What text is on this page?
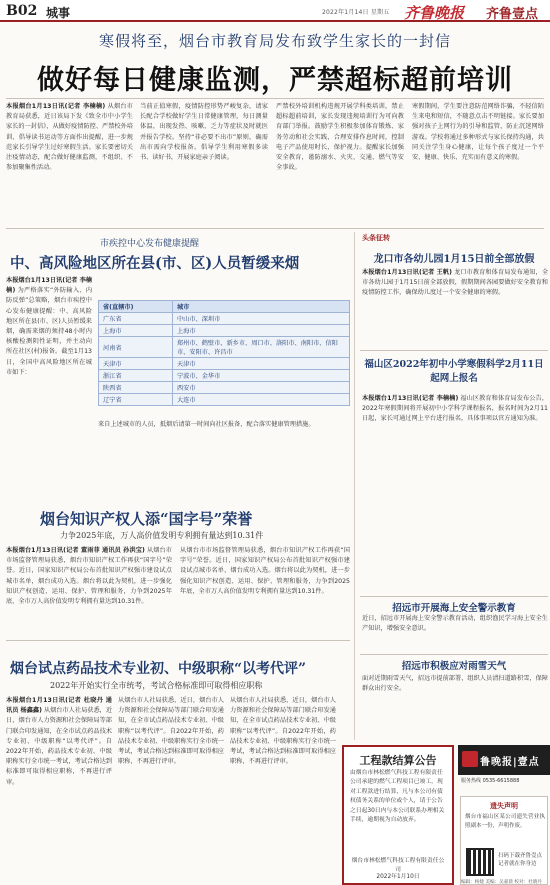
B02 城事	2022年1月14日 星期五 齐鲁晚报 齐鲁壹点
寒假将至，烟台市教育局发布致学生家长的一封信
做好每日健康监测，严禁超标超前培训
本报烟台1月13日讯(记者 李楠楠) 从烟台市教育局获悉，近日该局下发《致全市中小学生家长的一封信》，从做好疫情防控、严禁校外培训、倡导读书运动等方面作出提醒，进一步规范家长引导学生过好寒假生活。家长要密切关注疫情动态，配合做好健康监测，不组织、不参加聚集性活动。
当前正值寒假，疫情防控形势严峻复杂，请家长配合学校做好学生日常健康管理，每日测量体温，出现发热、咳嗽、乏力等症状及时就医并报告学校。坚持“非必要不出市”原则，确需出市需向学校报备。倡导学生利用寒假多读书、读好书，开展家庭亲子阅读。
严禁校外培训机构违规开展学科类培训，禁止超标超前培训，家长发现违规培训行为可向教育部门举报。鼓励学生积极参加体育锻炼、家务劳动和社会实践，合理安排作息时间，控制电子产品使用时长，保护视力。提醒家长加强安全教育，谨防溺水、火灾、交通、燃气等安全事故。
寒假期间，学生要注意防范网络诈骗，不轻信陌生来电和短信，不随意点击不明链接。家长要加强对孩子上网行为的引导和监管，防止沉迷网络游戏。学校将通过多种形式与家长保持沟通，共同关注学生身心健康，让每个孩子度过一个平安、健康、快乐、充实而有意义的寒假。
市疾控中心发布健康提醒
中、高风险地区所在县(市、区)人员暂缓来烟
本报烟台1月13日讯(记者 李楠楠) 为严格落实“外防输入、内防反弹”总策略，烟台市疾控中心发布健康提醒：中、高风险地区所在县(市、区)人员暂缓来烟，确需来烟的须持48小时内核酸检测阴性证明，并主动向所在社区(村)报备。截至1月13日，全国中高风险地区所在城市如下：
省(直辖市)	城市
广东省	中山市、深圳市
上海市	上海市
河南省	郑州市、鹤壁市、新乡市、周口市、洛阳市、南阳市、信阳市、安阳市、许昌市
天津市	天津市
浙江省	宁波市、金华市
陕西省	西安市
辽宁省	大连市
来自上述城市的人员，抵烟后请第一时间向社区报备，配合落实健康管理措施。
烟台知识产权人添“国字号”荣誉
力争2025年底，万人高价值发明专利拥有量达到10.31件
本报烟台1月13日讯(记者 董雨菲 通讯员 孙洪宝) 从烟台市市场监督管理局获悉，烟台市知识产权工作再获“国字号”荣誉。近日，国家知识产权局公布首批知识产权强市建设试点城市名单，烟台成功入选。烟台将以此为契机，进一步强化知识产权创造、运用、保护、管理和服务，力争到2025年底，全市万人高价值发明专利拥有量达到10.31件。
从烟台市市场监督管理局获悉，烟台市知识产权工作再获“国字号”荣誉。近日，国家知识产权局公布首批知识产权强市建设试点城市名单，烟台成功入选。烟台将以此为契机，进一步强化知识产权创造、运用、保护、管理和服务，力争到2025年底，全市万人高价值发明专利拥有量达到10.31件。
烟台试点药品技术专业初、中级职称“以考代评”
2022年开始实行全市统考，考试合格标准即可取得相应职称
本报烟台1月13日讯(记者 杜晓丹 通讯员 杨鑫鑫) 从烟台市人社局获悉，近日，烟台市人力资源和社会保障局等部门联合印发通知，在全市试点药品技术专业初、中级职称“以考代评”。自2022年开始，药品技术专业初、中级职称实行全市统一考试，考试合格达到标准即可取得相应职称，不再进行评审。
从烟台市人社局获悉，近日，烟台市人力资源和社会保障局等部门联合印发通知，在全市试点药品技术专业初、中级职称“以考代评”。自2022年开始，药品技术专业初、中级职称实行全市统一考试，考试合格达到标准即可取得相应职称，不再进行评审。
从烟台市人社局获悉，近日，烟台市人力资源和社会保障局等部门联合印发通知，在全市试点药品技术专业初、中级职称“以考代评”。自2022年开始，药品技术专业初、中级职称实行全市统一考试，考试合格达到标准即可取得相应职称，不再进行评审。
头条征转
龙口市各幼儿园1月15日前全部放假
本报烟台1月13日讯(记者 王帆) 龙口市教育和体育局发布通知，全市各幼儿园于1月15日前全部放假，假期期间各园要做好安全教育和疫情防控工作，确保幼儿度过一个安全健康的寒假。
福山区2022年初中小学寒假科学2月11日起网上报名
本报烟台1月13日讯(记者 李楠楠) 福山区教育和体育局发布公告，2022年寒假期间将开展初中小学科学课程报名，报名时间为2月11日起，家长可通过网上平台进行报名，具体事项以官方通知为准。
招远市开展海上安全警示教育
近日，招远市开展海上安全警示教育活动，组织渔民学习海上安全生产知识，增强安全意识。
招远市积极应对雨雪天气
面对近期雨雪天气，招远市提前部署，组织人员清扫道路积雪，保障群众出行安全。
工程款结算公告
由烟台市林松燃气科技工程有限责任公司承建的燃气工程项目已竣工，现对工程款进行结算，凡与本公司有债权债务关系的单位或个人，请于公告之日起30日内与本公司联系办理相关手续，逾期视为自动放弃。
烟台市林松燃气科技工程有限责任公司
2022年1月10日
鲁晚报|壹点
服务热线 0535-6615888
遗失声明
烟台市福山区某公司遗失营业执照副本一份，声明作废。
扫码下载齐鲁壹点 记者就在你身边
编辑：杨婕 美编：吴嘉晨 校对：杜晓丹
